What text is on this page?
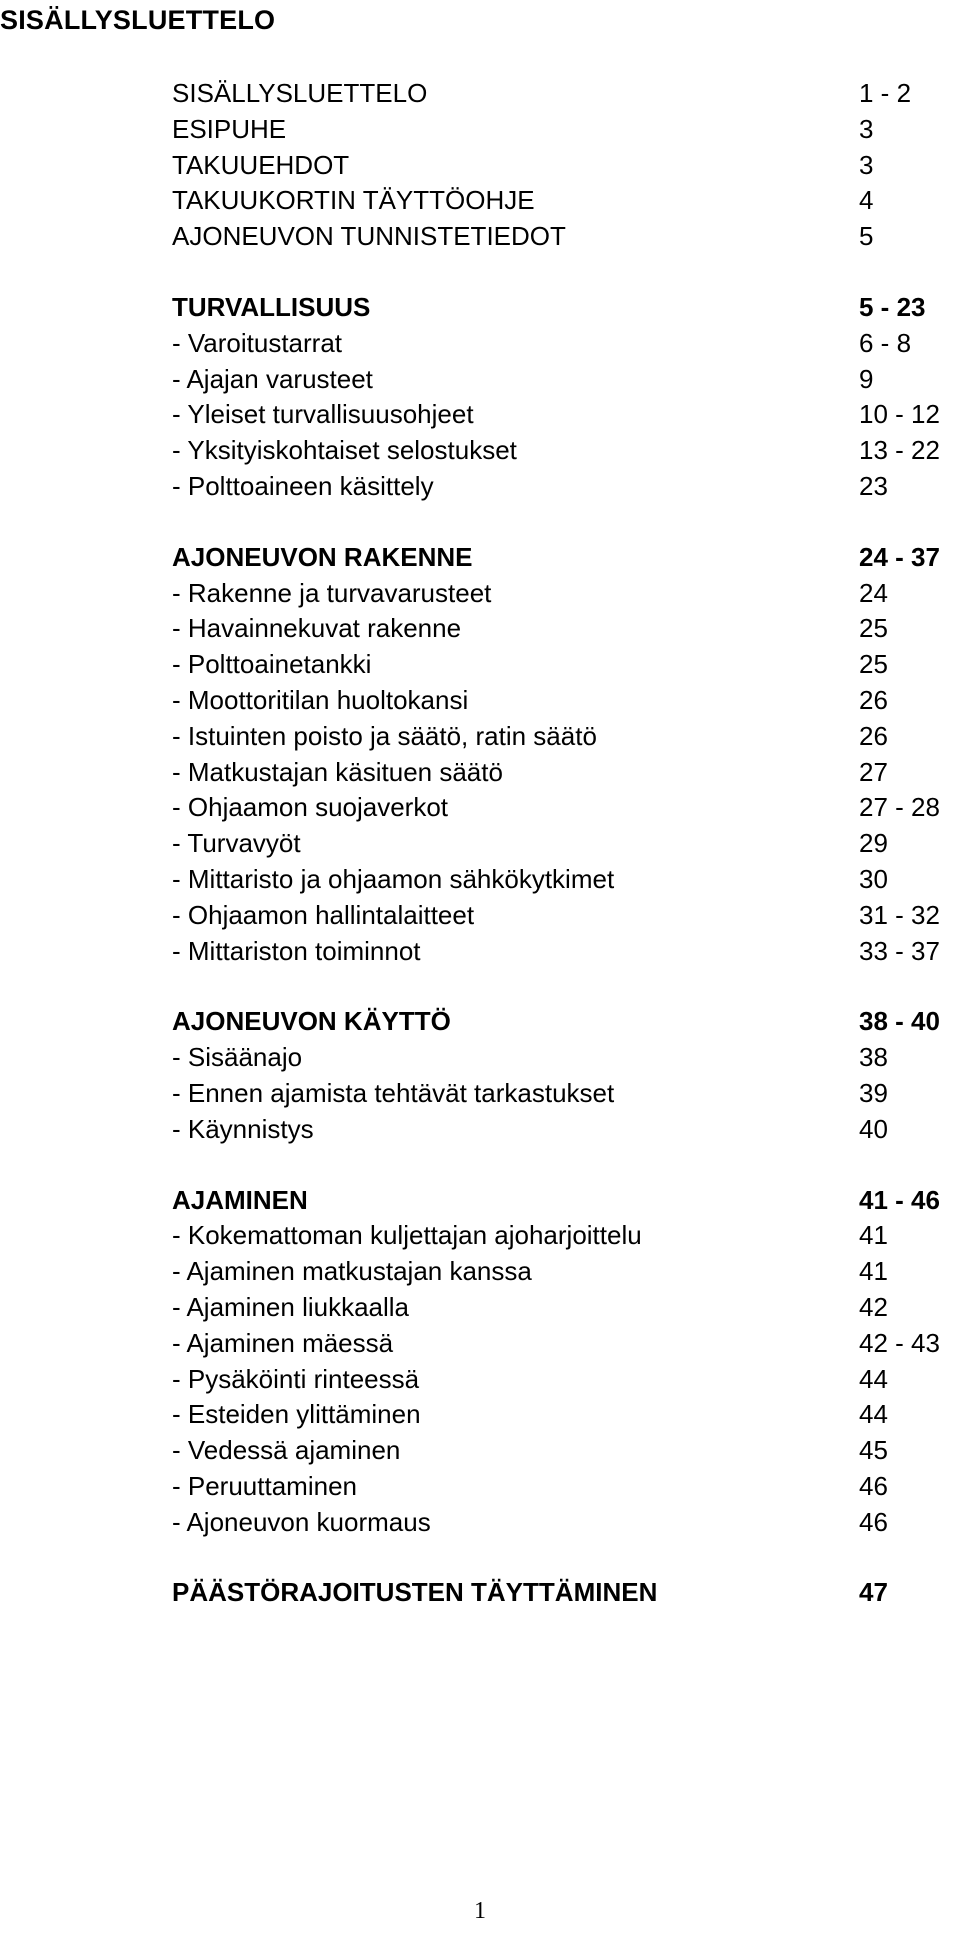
SISÄLLYSLUETTELO
SISÄLLYSLUETTELO	1 - 2
ESIPUHE	3
TAKUUEHDOT	3
TAKUUKORTIN TÄYTTÖOHJE	4
AJONEUVON TUNNISTETIEDOT	5
TURVALLISUUS	5 - 23
- Varoitustarrat	6 - 8
- Ajajan varusteet	9
- Yleiset turvallisuusohjeet	10 - 12
- Yksityiskohtaiset selostukset	13 - 22
- Polttoaineen käsittely	23
AJONEUVON RAKENNE	24 - 37
- Rakenne ja turvavarusteet	24
- Havainnekuvat rakenne	25
- Polttoainetankki	25
- Moottoritilan huoltokansi	26
- Istuinten poisto ja säätö, ratin säätö	26
- Matkustajan käsituen säätö	27
- Ohjaamon suojaverkot	27 - 28
- Turvavyöt	29
- Mittaristo ja ohjaamon sähkökytkimet	30
- Ohjaamon hallintalaitteet	31 - 32
- Mittariston toiminnot	33 - 37
AJONEUVON KÄYTTÖ	38 - 40
- Sisäänajo	38
- Ennen ajamista tehtävät tarkastukset	39
- Käynnistys	40
AJAMINEN	41 - 46
- Kokemattoman kuljettajan ajoharjoittelu	41
- Ajaminen matkustajan kanssa	41
- Ajaminen liukkaalla	42
- Ajaminen mäessä	42 - 43
- Pysäköinti rinteessä	44
- Esteiden ylittäminen	44
- Vedessä ajaminen	45
- Peruuttaminen	46
- Ajoneuvon kuormaus	46
PÄÄSTÖRAJOITUSTEN TÄYTTÄMINEN	47
1
